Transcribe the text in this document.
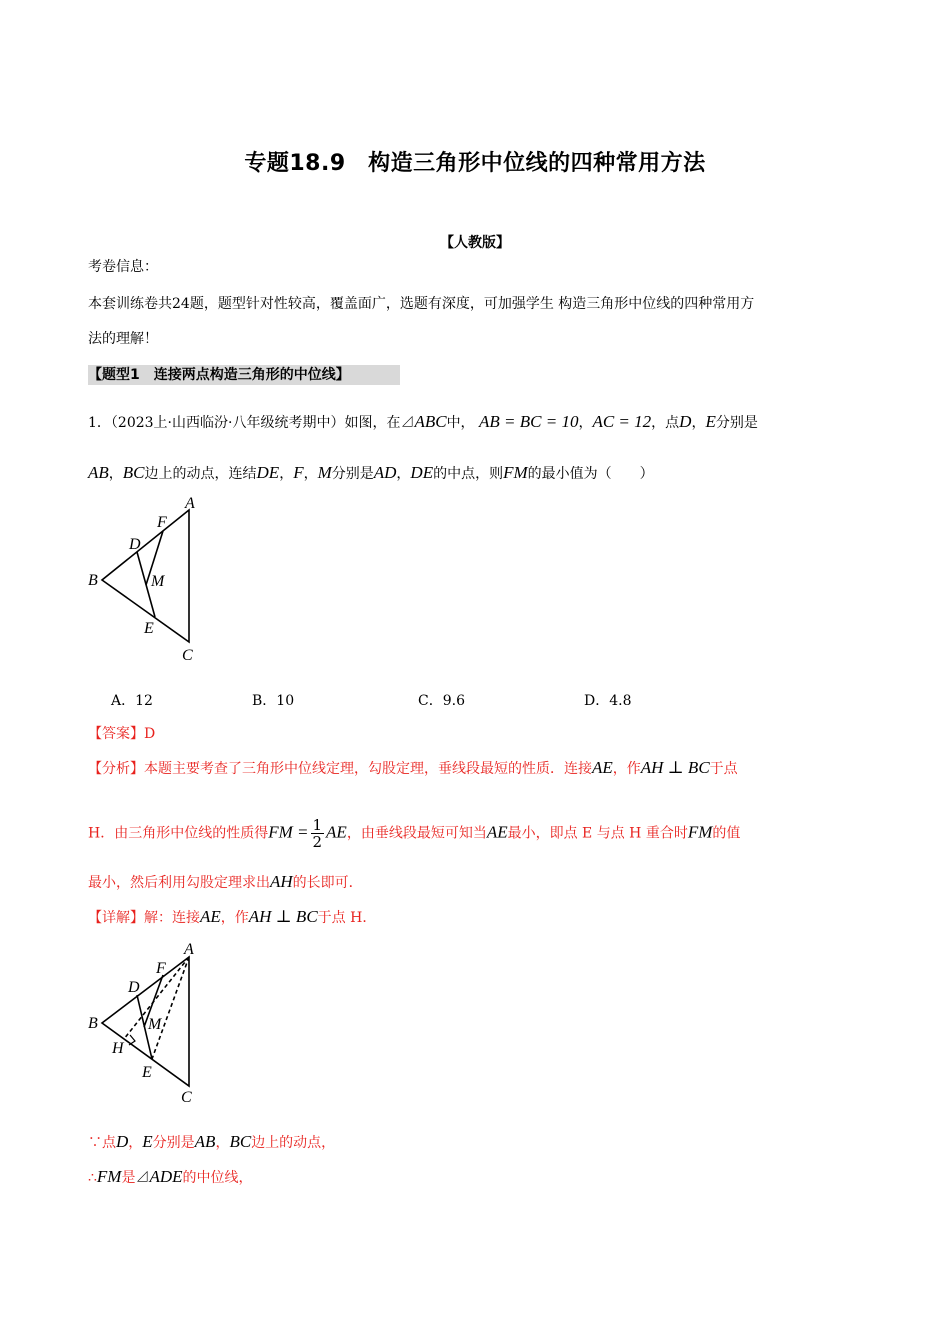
专题18.9　构造三角形中位线的四种常用方法
【人教版】
考卷信息：
本套训练卷共24题，题型针对性较高，覆盖面广，选题有深度，可加强学生 构造三角形中位线的四种常用方
法的理解！
【题型1　连接两点构造三角形的中位线】
1．（2023上·山西临汾·八年级统考期中）如图，在⊿ABC中， AB = BC = 10，AC = 12，点D，E分别是
AB，BC边上的动点，连结DE，F，M分别是AD，DE的中点，则FM的最小值为（　　）
A
F
D
B	M
E
C
A．12	B．10	C．9.6	D．4.8
【答案】D
【分析】本题主要考查了三角形中位线定理，勾股定理，垂线段最短的性质．连接AE，作AH ⊥ BC于点
H．由三角形中位线的性质得FM = $\frac{1}{2}$ AE，由垂线段最短可知当AE最小，即点 E 与点 H 重合时FM的值
最小，然后利用勾股定理求出AH的长即可．
【详解】解：连接AE，作AH ⊥ BC于点 H．
A
F
D
B	M
H
E
C
∵点D，E分别是AB，BC边上的动点，
∴FM是⊿ADE的中位线，
